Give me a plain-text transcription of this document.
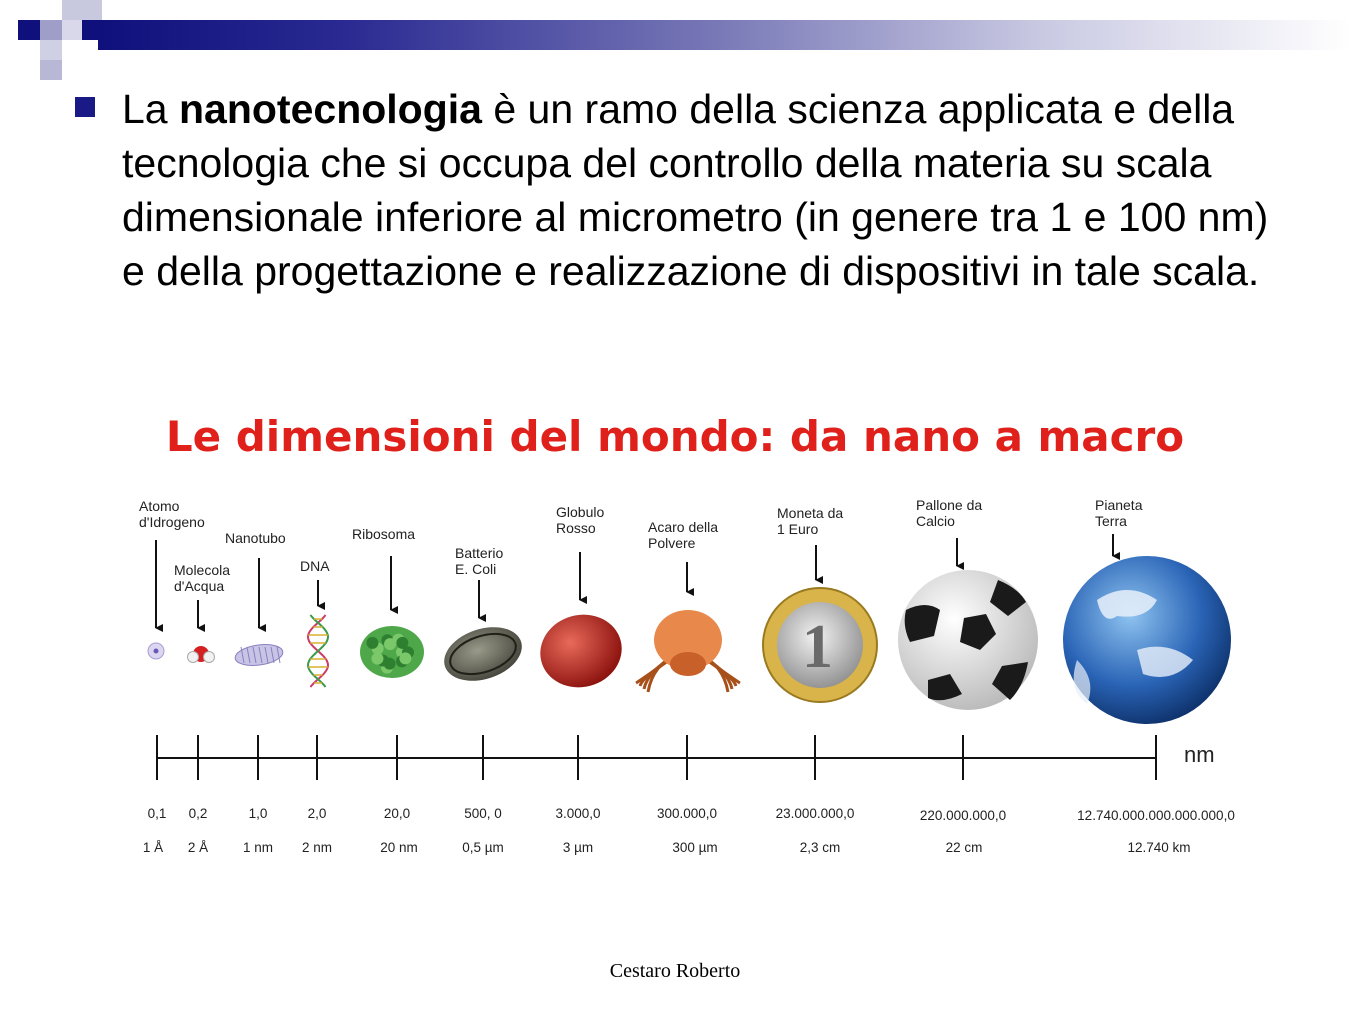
La nanotecnologia è un ramo della scienza applicata e della tecnologia che si occupa del controllo della materia su scala dimensionale inferiore al micrometro (in genere tra 1 e 100 nm) e della progettazione e realizzazione di dispositivi in tale scala.
Le dimensioni del mondo: da nano a macro
1
Atomo
d'Idrogeno
0,1
1 Å
Molecola
d'Acqua
0,2
2 Å
Nanotubo
1,0
1 nm
DNA
2,0
2 nm
Ribosoma
20,0
20 nm
Batterio
E. Coli
500, 0
0,5 µm
Globulo
Rosso
3.000,0
3 µm
Acaro della
Polvere
300.000,0
300 µm
Moneta da
1 Euro
23.000.000,0
2,3 cm
Pallone da
Calcio
220.000.000,0
22 cm
Pianeta
Terra
12.740.000.000.000.000,0
12.740 km
nm
Cestaro Roberto
